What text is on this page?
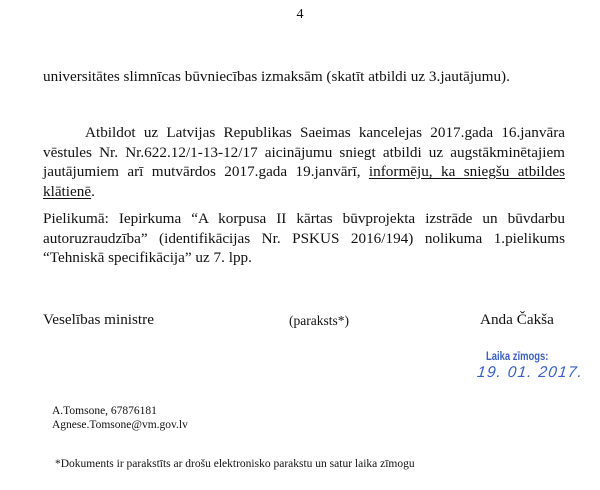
4
universitātes slimnīcas būvniecības izmaksām (skatīt atbildi uz 3.jautājumu).
Atbildot uz Latvijas Republikas Saeimas kancelejas 2017.gada 16.janvāra vēstules Nr. Nr.622.12/1-13-12/17 aicinājumu sniegt atbildi uz augstākminētajiem jautājumiem arī mutvārdos 2017.gada 19.janvārī, informēju, ka sniegšu atbildes klātienē.
Pielikumā: Iepirkuma “A korpusa II kārtas būvprojekta izstrāde un būvdarbu autoruzraudzība” (identifikācijas Nr. PSKUS 2016/194) nolikuma 1.pielikums “Tehniskā specifikācija” uz 7. lpp.
Veselības ministre	(paraksts*)	Anda Čakša
Laika zīmogs:
19. 01. 2017.
A.Tomsone, 67876181
Agnese.Tomsone@vm.gov.lv
*Dokuments ir parakstīts ar drošu elektronisko parakstu un satur laika zīmogu
